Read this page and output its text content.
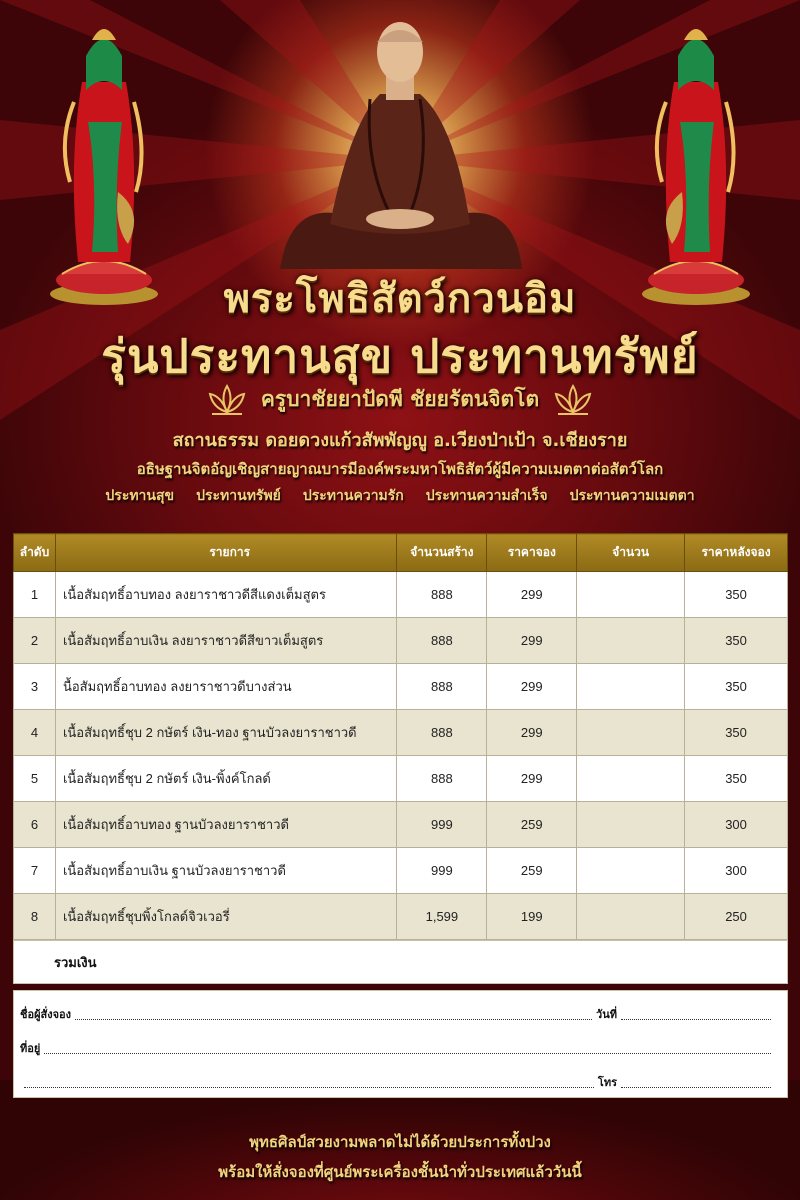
พระโพธิสัตว์กวนอิม
รุ่นประทานสุข ประทานทรัพย์
ครูบาชัยยาปัดพี ชัยยรัตนจิตโต
สถานธรรม ดอยดวงแก้วสัพพัญญู อ.เวียงป่าเป้า จ.เชียงราย
อธิษฐานจิตอัญเชิญสายญาณบารมีองค์พระมหาโพธิสัตว์ผู้มีความเมตตาต่อสัตว์โลก
ประทานสุข ประทานทรัพย์ ประทานความรัก ประทานความสำเร็จ ประทานความเมตตา
ลำดับ	รายการ	จำนวนสร้าง	ราคาจอง	จำนวน	ราคาหลังจอง
1	เนื้อสัมฤทธิ์อาบทอง ลงยาราชาวดีสีแดงเต็มสูตร	888	299		350
2	เนื้อสัมฤทธิ์อาบเงิน ลงยาราชาวดีสีขาวเต็มสูตร	888	299		350
3	นื้อสัมฤทธิ์อาบทอง ลงยาราชาวดีบางส่วน	888	299		350
4	เนื้อสัมฤทธิ์ชุบ 2 กษัตร์ เงิน-ทอง ฐานบัวลงยาราชาวดี	888	299		350
5	เนื้อสัมฤทธิ์ชุบ 2 กษัตร์ เงิน-พิ้งค์โกลด์	888	299		350
6	เนื้อสัมฤทธิ์อาบทอง ฐานบัวลงยาราชาวดี	999	259		300
7	เนื้อสัมฤทธิ์อาบเงิน ฐานบัวลงยาราชาวดี	999	259		300
8	เนื้อสัมฤทธิ์ชุบพิ้งโกลด์จิวเวอรี่	1,599	199		250
รวมเงิน
ชื่อผู้สั่งจอง	วันที่
ที่อยู่
โทร
พุทธศิลป์สวยงามพลาดไม่ได้ด้วยประการทั้งปวง
พร้อมให้สั่งจองที่ศูนย์พระเครื่องชั้นนำทั่วประเทศแล้ววันนี้
